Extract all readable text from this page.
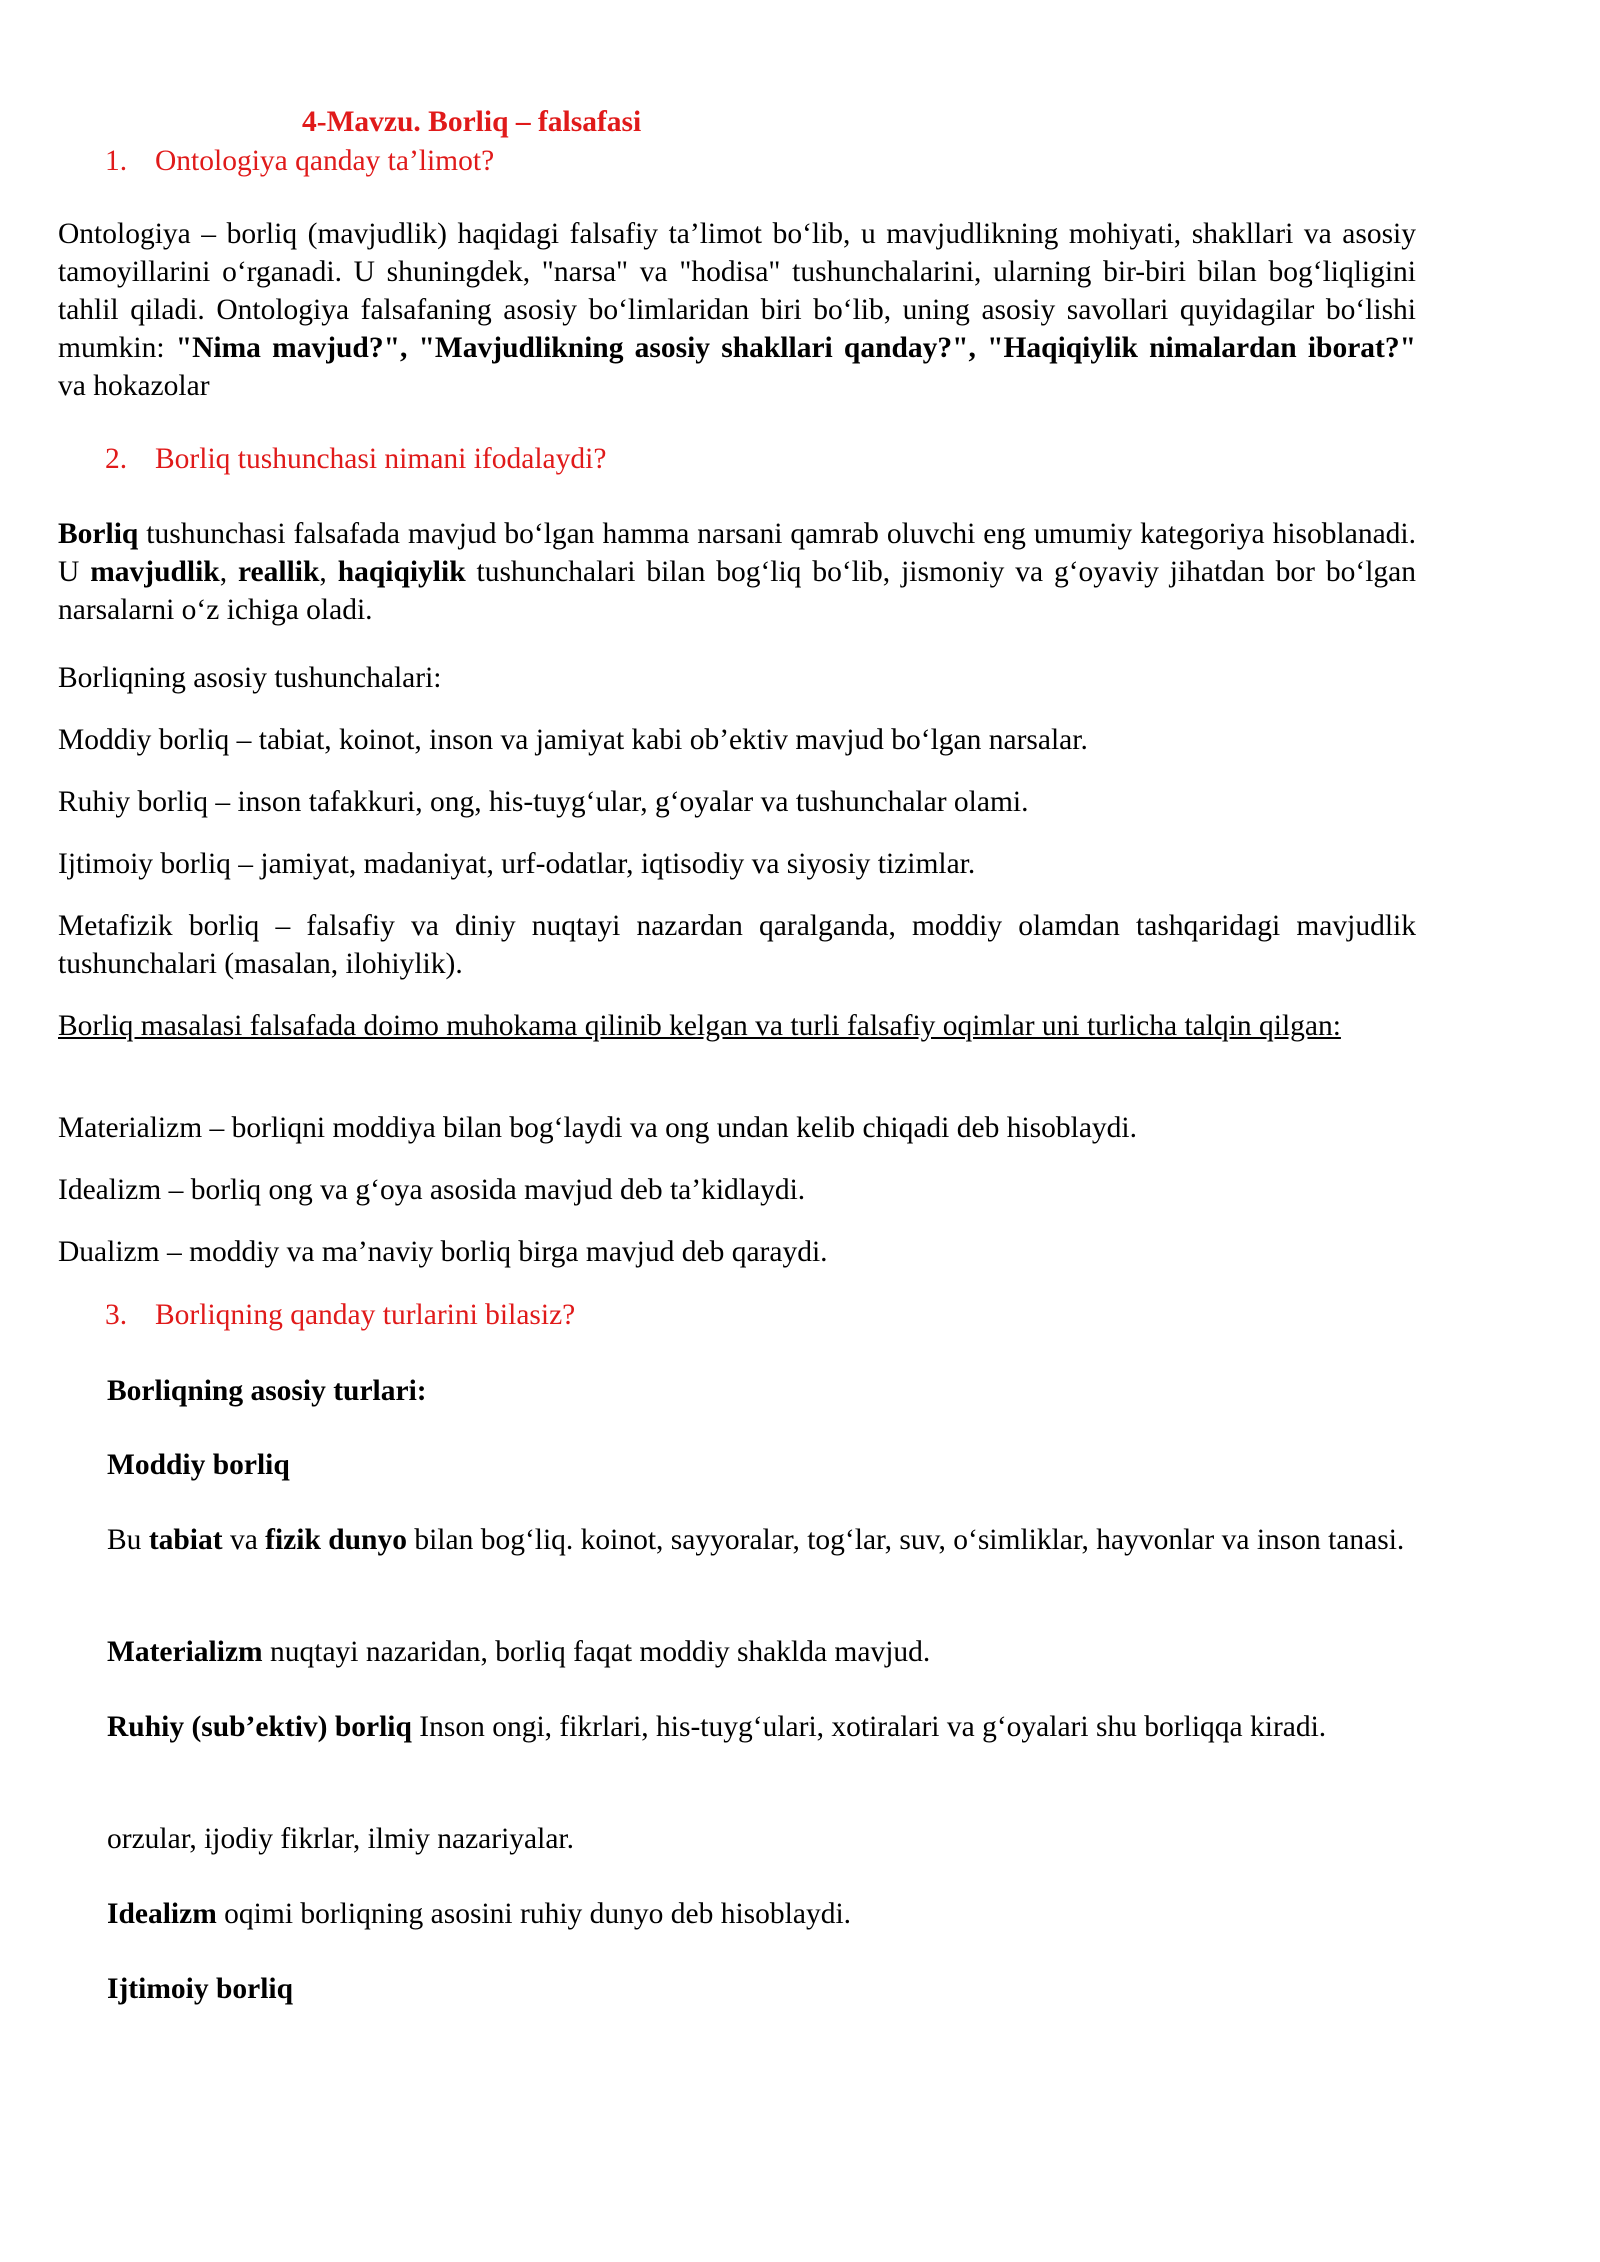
4-Mavzu. Borliq – falsafasi

1. Ontologiya qanday ta’limot?

Ontologiya – borliq (mavjudlik) haqidagi falsafiy ta’limot bo‘lib, u mavjudlikning mohiyati, shakllari va asosiy tamoyillarini o‘rganadi. U shuningdek, "narsa" va "hodisa" tushunchalarini, ularning bir-biri bilan bog‘liqligini tahlil qiladi. Ontologiya falsafaning asosiy bo‘limlaridan biri bo‘lib, uning asosiy savollari quyidagilar bo‘lishi mumkin: "Nima mavjud?", "Mavjudlikning asosiy shakllari qanday?", "Haqiqiylik nimalardan iborat?" va hokazolar

2. Borliq tushunchasi nimani ifodalaydi?

Borliq tushunchasi falsafada mavjud bo‘lgan hamma narsani qamrab oluvchi eng umumiy kategoriya hisoblanadi. U mavjudlik, reallik, haqiqiylik tushunchalari bilan bog‘liq bo‘lib, jismoniy va g‘oyaviy jihatdan bor bo‘lgan narsalarni o‘z ichiga oladi.

Borliqning asosiy tushunchalari:

Moddiy borliq – tabiat, koinot, inson va jamiyat kabi ob’ektiv mavjud bo‘lgan narsalar.

Ruhiy borliq – inson tafakkuri, ong, his-tuyg‘ular, g‘oyalar va tushunchalar olami.

Ijtimoiy borliq – jamiyat, madaniyat, urf-odatlar, iqtisodiy va siyosiy tizimlar.

Metafizik borliq – falsafiy va diniy nuqtayi nazardan qaralganda, moddiy olamdan tashqaridagi mavjudlik tushunchalari (masalan, ilohiylik).

Borliq masalasi falsafada doimo muhokama qilinib kelgan va turli falsafiy oqimlar uni turlicha talqin qilgan:

Materializm – borliqni moddiya bilan bog‘laydi va ong undan kelib chiqadi deb hisoblaydi.

Idealizm – borliq ong va g‘oya asosida mavjud deb ta’kidlaydi.

Dualizm – moddiy va ma’naviy borliq birga mavjud deb qaraydi.

3. Borliqning qanday turlarini bilasiz?

Borliqning asosiy turlari:

Moddiy borliq

Bu tabiat va fizik dunyo bilan bog‘liq. koinot, sayyoralar, tog‘lar, suv, o‘simliklar, hayvonlar va inson tanasi.

Materializm nuqtayi nazaridan, borliq faqat moddiy shaklda mavjud.

Ruhiy (sub’ektiv) borliq Inson ongi, fikrlari, his-tuyg‘ulari, xotiralari va g‘oyalari shu borliqqa kiradi.

orzular, ijodiy fikrlar, ilmiy nazariyalar.

Idealizm oqimi borliqning asosini ruhiy dunyo deb hisoblaydi.

Ijtimoiy borliq
